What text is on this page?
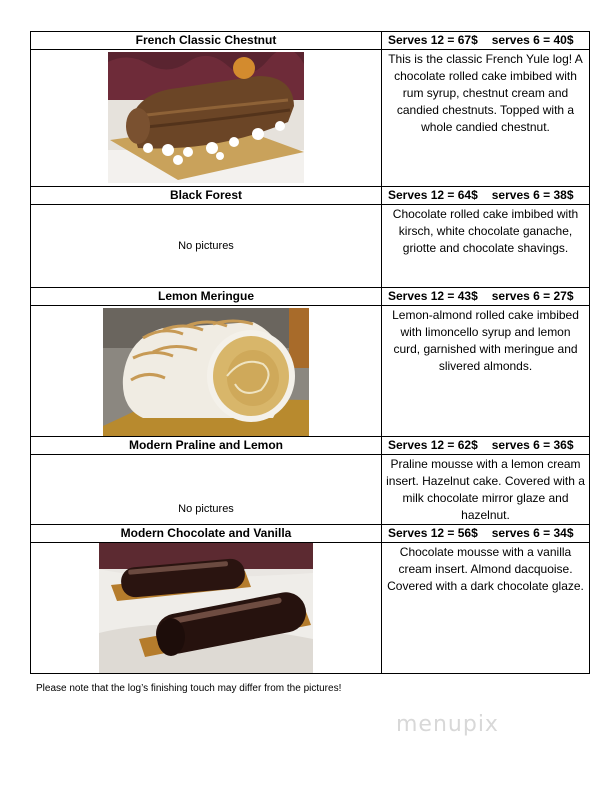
French Classic Chestnut	Serves 12 = 67$ serves 6 = 40$

	This is the classic French Yule log! A chocolate rolled cake imbibed with rum syrup, chestnut cream and candied chestnuts. Topped with a whole candied chestnut.
Black Forest	Serves 12 = 64$ serves 6 = 38$

No pictures	Chocolate rolled cake imbibed with kirsch, white chocolate ganache, griotte and chocolate shavings.
Lemon Meringue	Serves 12 = 43$ serves 6 = 27$

	Lemon-almond rolled cake imbibed with limoncello syrup and lemon curd, garnished with meringue and slivered almonds.
Modern Praline and Lemon	Serves 12 = 62$ serves 6 = 36$

No pictures	Praline mousse with a lemon cream insert. Hazelnut cake. Covered with a milk chocolate mirror glaze and hazelnut.
Modern Chocolate and Vanilla	Serves 12 = 56$ serves 6 = 34$

	Chocolate mousse with a vanilla cream insert. Almond dacquoise. Covered with a dark chocolate glaze.
Please note that the log’s finishing touch may differ from the pictures!
menupix
